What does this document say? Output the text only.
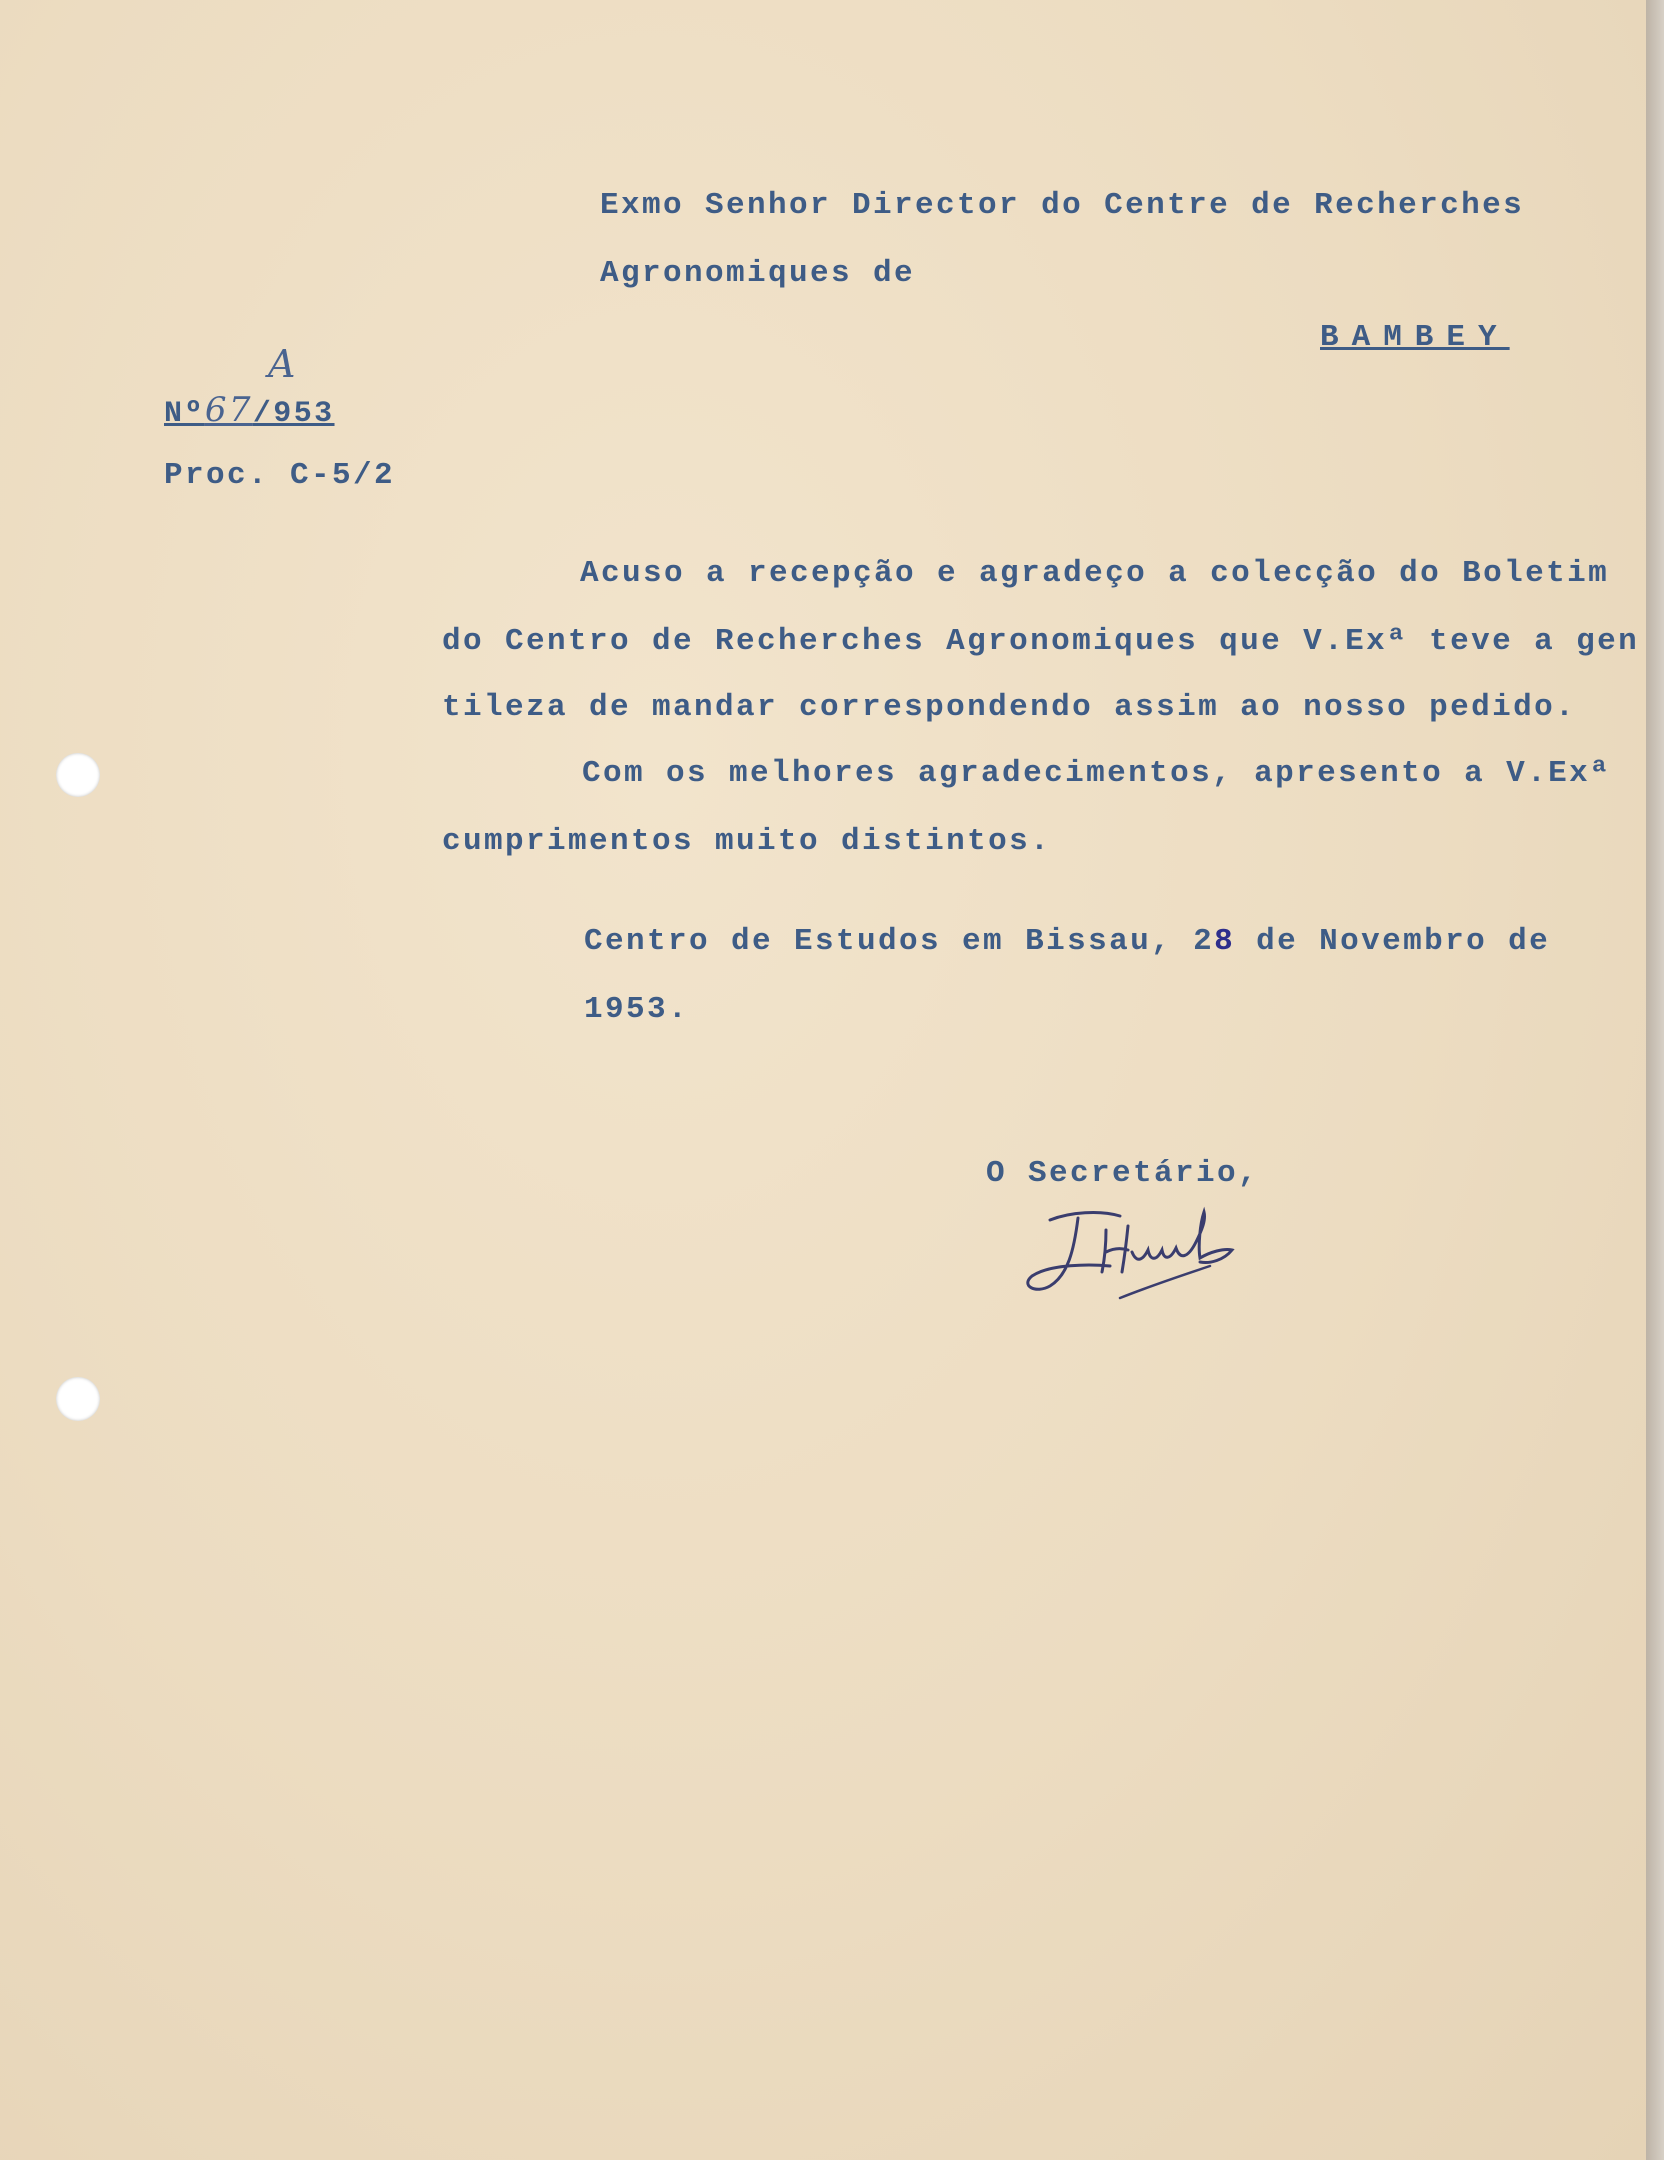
Exmo Senhor Director do Centre de Recherches
Agronomiques de
BAMBEY
Nº67/953
A
Proc. C-5/2
Acuso a recepção e agradeço a colecção do Boletim
do Centro de Recherches Agronomiques que V.Exª teve a gen
tileza de mandar correspondendo assim ao nosso pedido.
Com os melhores agradecimentos, apresento a V.Exª
cumprimentos muito distintos.
Centro de Estudos em Bissau, 28 de Novembro de
1953.
O Secretário,
